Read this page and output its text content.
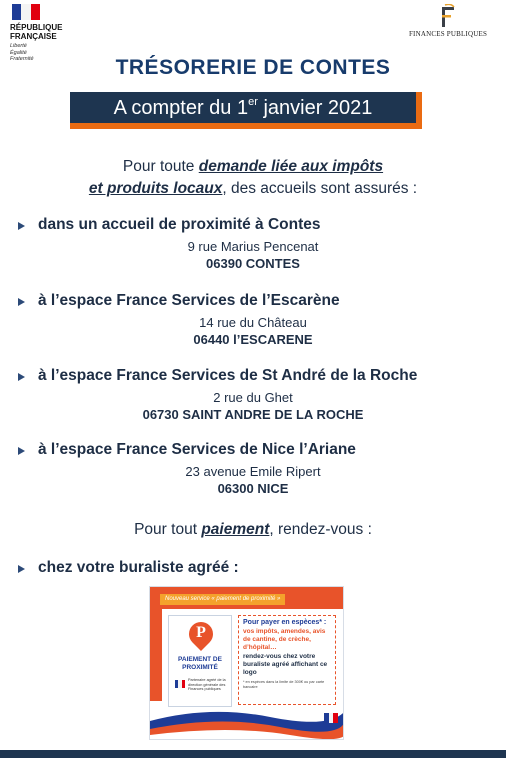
RÉPUBLIQUE
FRANÇAISE
Liberté
Égalité
Fraternité
FINANCES PUBLIQUES
TRÉSORERIE DE CONTES
A compter du 1er janvier 2021
Pour toute demande liée aux impôts
et produits locaux, des accueils sont assurés :
dans un accueil de proximité à Contes
9 rue Marius Pencenat
06390 CONTES
à l’espace France Services de l’Escarène
14 rue du Château
06440 l’ESCARENE
à l’espace France Services de St André de la Roche
2 rue du Ghet
06730 SAINT ANDRE DE LA ROCHE
à l’espace France Services de Nice l’Ariane
23 avenue Emile Ripert
06300 NICE
Pour tout paiement, rendez-vous :
chez votre buraliste agréé :
Nouveau service « paiement de proximité »
P
PAIEMENT DE
PROXIMITÉ
Partenaire agréé de la direction générale des Finances publiques
Pour payer en espèces* :
vos impôts, amendes, avis de cantine, de crèche, d’hôpital…
rendez-vous chez votre buraliste agréé affichant ce logo
* en espèces dans la limite de 300€ ou par carte bancaire
